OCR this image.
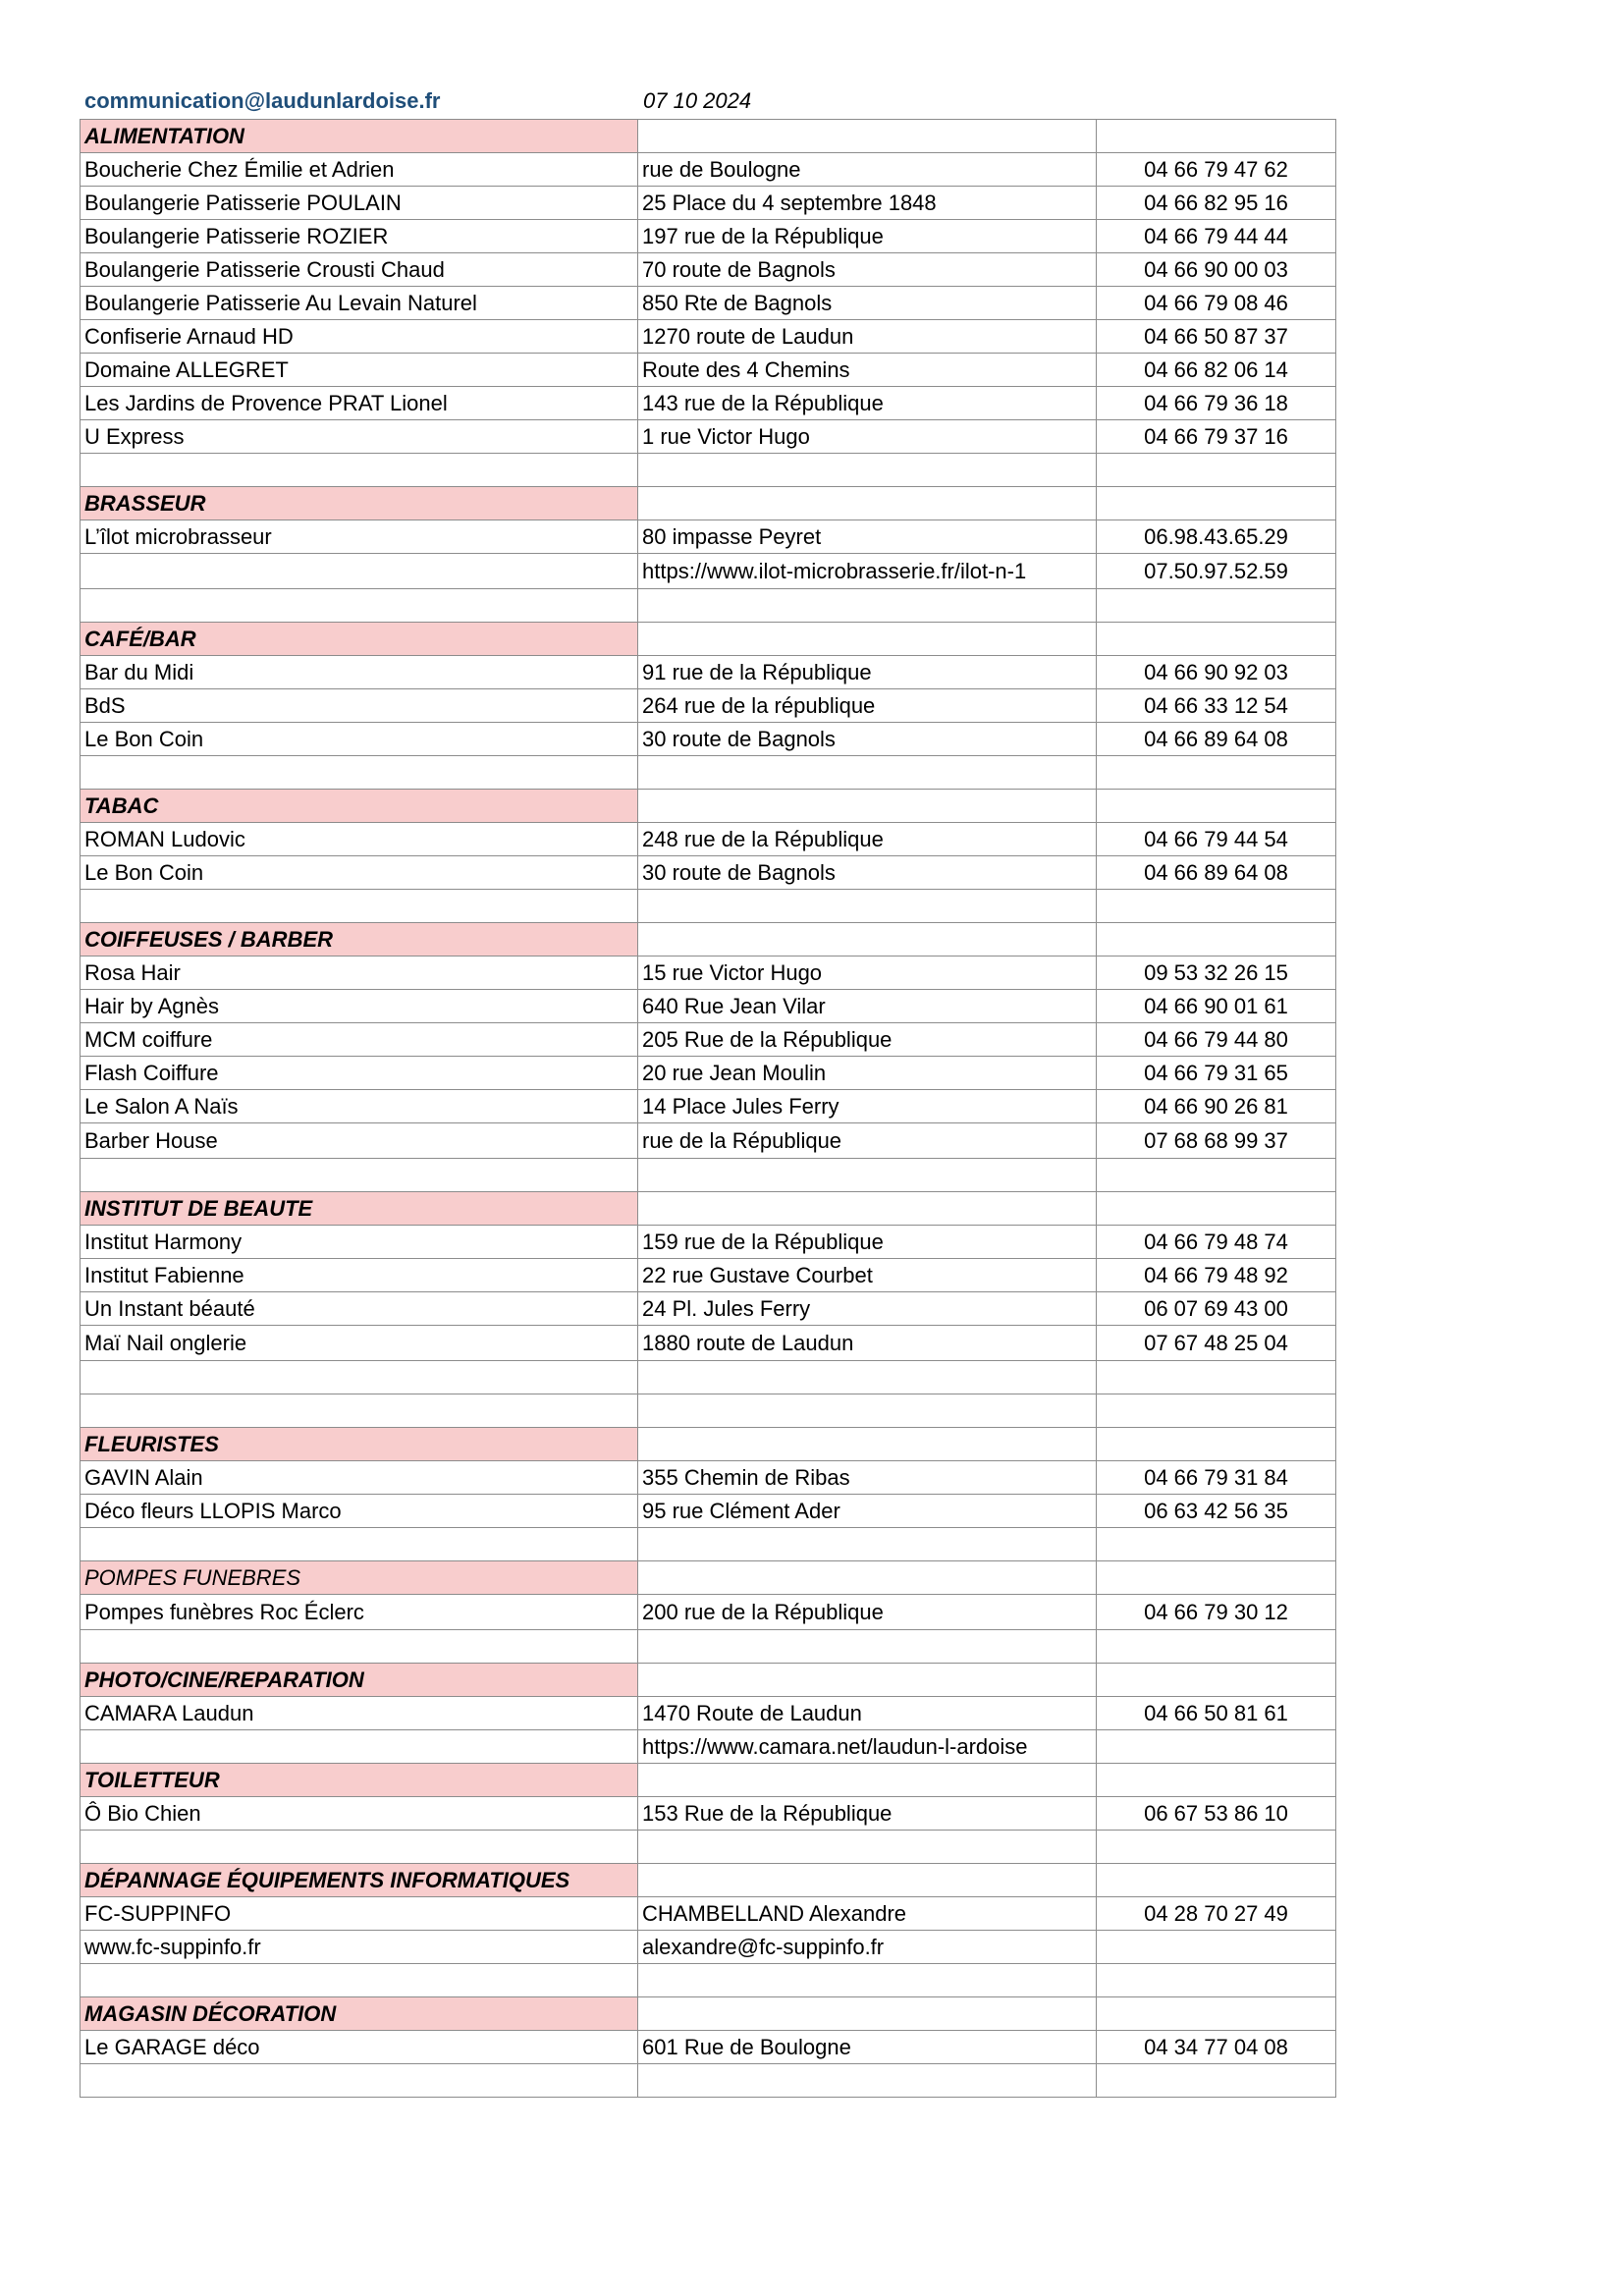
communication@laudunlardoise.fr	07 10 2024
ALIMENTATION		
Boucherie Chez Émilie et Adrien	rue de Boulogne	04 66 79 47 62
Boulangerie Patisserie POULAIN	25 Place du 4 septembre 1848	04 66 82 95 16
Boulangerie Patisserie ROZIER	197 rue de la République	04 66 79 44 44
Boulangerie Patisserie Crousti Chaud	70 route de Bagnols	04 66 90 00 03
Boulangerie Patisserie Au Levain Naturel	850 Rte de Bagnols	04 66 79 08 46
Confiserie Arnaud HD	1270 route de Laudun	04 66 50 87 37
Domaine ALLEGRET	Route des 4 Chemins	04 66 82 06 14
Les Jardins de Provence PRAT Lionel	143 rue de la République	04 66 79 36 18
U Express	1 rue Victor Hugo	04 66 79 37 16

BRASSEUR		
L’îlot microbrasseur	80 impasse Peyret	06.98.43.65.29
	https://www.ilot-microbrasserie.fr/ilot-n-1	07.50.97.52.59

CAFÉ/BAR		
Bar du Midi	91 rue de la République	04 66 90 92 03
BdS	264 rue de la république	04 66 33 12 54
Le Bon Coin	30 route de Bagnols	04 66 89 64 08

TABAC		
ROMAN Ludovic	248 rue de la République	04 66 79 44 54
Le Bon Coin	30 route de Bagnols	04 66 89 64 08

COIFFEUSES / BARBER		
Rosa Hair	15 rue Victor Hugo	09 53 32 26 15
Hair by Agnès	640 Rue Jean Vilar	04 66 90 01 61
MCM coiffure	205 Rue de la République	04 66 79 44 80
Flash Coiffure	20 rue Jean Moulin	04 66 79 31 65
Le Salon A Naïs	14 Place Jules Ferry	04 66 90 26 81
Barber House	rue de la République	07 68 68 99 37

INSTITUT DE BEAUTE		
Institut Harmony	159 rue de la République	04 66 79 48 74
Institut Fabienne	22 rue Gustave Courbet	04 66 79 48 92
Un Instant béauté	24 Pl. Jules Ferry	06 07 69 43 00
Maï Nail onglerie	1880 route de Laudun	07 67 48 25 04

FLEURISTES		
GAVIN Alain	355 Chemin de Ribas	04 66 79 31 84
Déco fleurs LLOPIS Marco	95 rue Clément Ader	06 63 42 56 35

POMPES FUNEBRES		
Pompes funèbres Roc Éclerc	200 rue de la République	04 66 79 30 12

PHOTO/CINE/REPARATION		
CAMARA Laudun	1470 Route de Laudun	04 66 50 81 61
	https://www.camara.net/laudun-l-ardoise	
TOILETTEUR		
Ô Bio Chien	153 Rue de la République	06 67 53 86 10

DÉPANNAGE ÉQUIPEMENTS INFORMATIQUES		
FC-SUPPINFO	CHAMBELLAND Alexandre	04 28 70 27 49
www.fc-suppinfo.fr	alexandre@fc-suppinfo.fr	

MAGASIN DÉCORATION		
Le GARAGE déco	601 Rue de Boulogne	04 34 77 04 08
